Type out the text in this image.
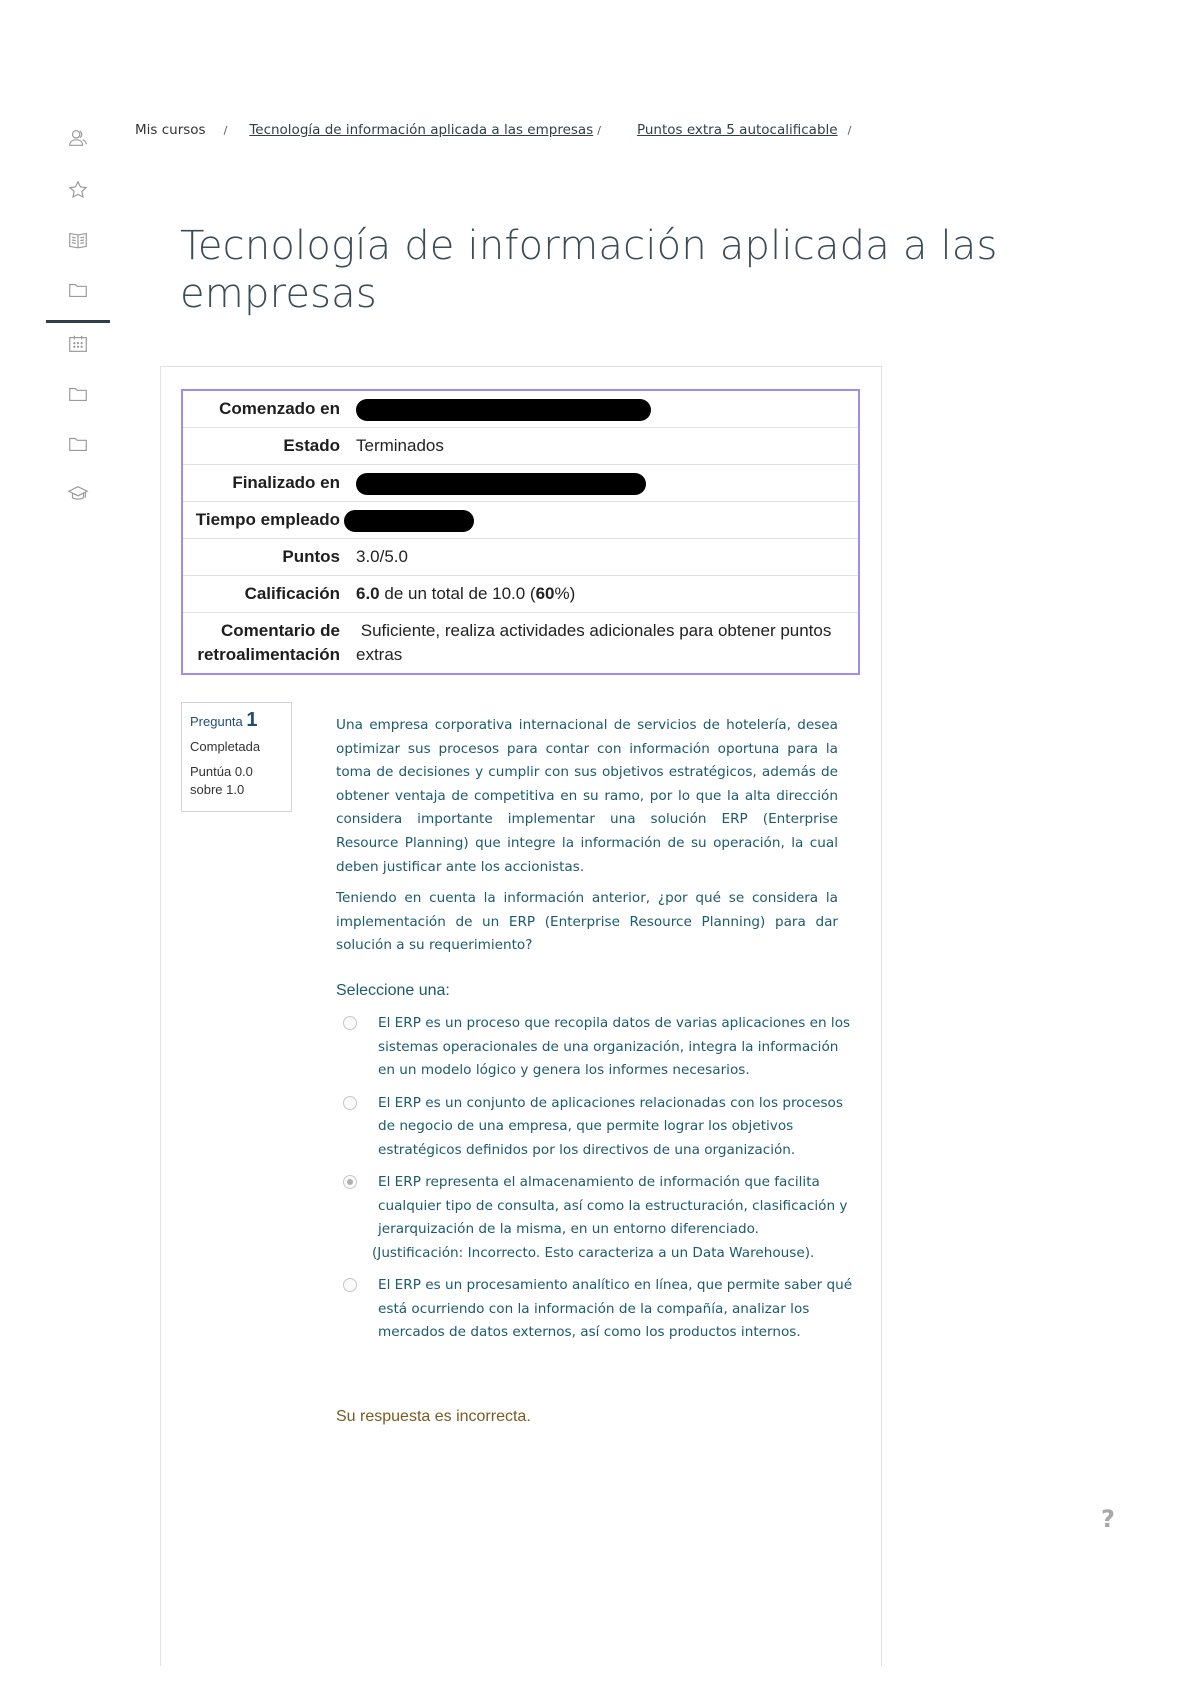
Mis cursos / Tecnología de información aplicada a las empresas /	Puntos extra 5 autocalificable /
Tecnología de información aplicada a las empresas
Comenzado en	
Estado	Terminados
Finalizado en	
Tiempo empleado	
Puntos	3.0/5.0
Calificación	6.0 de un total de 10.0 (60%)
Comentario de retroalimentación	Suficiente, realiza actividades adicionales para obtener puntos extras
Pregunta 1
Completada
Puntúa 0.0 sobre 1.0

Una empresa corporativa internacional de servicios de hotelería, desea optimizar sus procesos para contar con información oportuna para la toma de decisiones y cumplir con sus objetivos estratégicos, además de obtener ventaja de competitiva en su ramo, por lo que la alta dirección considera importante implementar una solución ERP (Enterprise Resource Planning) que integre la información de su operación, la cual deben justificar ante los accionistas.

Teniendo en cuenta la información anterior, ¿por qué se considera la implementación de un ERP (Enterprise Resource Planning) para dar solución a su requerimiento?

Seleccione una:
El ERP es un proceso que recopila datos de varias aplicaciones en los sistemas operacionales de una organización, integra la información en un modelo lógico y genera los informes necesarios.
El ERP es un conjunto de aplicaciones relacionadas con los procesos de negocio de una empresa, que permite lograr los objetivos estratégicos definidos por los directivos de una organización.
El ERP representa el almacenamiento de información que facilita cualquier tipo de consulta, así como la estructuración, clasificación y jerarquización de la misma, en un entorno diferenciado.
(Justificación: Incorrecto. Esto caracteriza a un Data Warehouse).
El ERP es un procesamiento analítico en línea, que permite saber qué está ocurriendo con la información de la compañía, analizar los mercados de datos externos, así como los productos internos.
Su respuesta es incorrecta.
?
